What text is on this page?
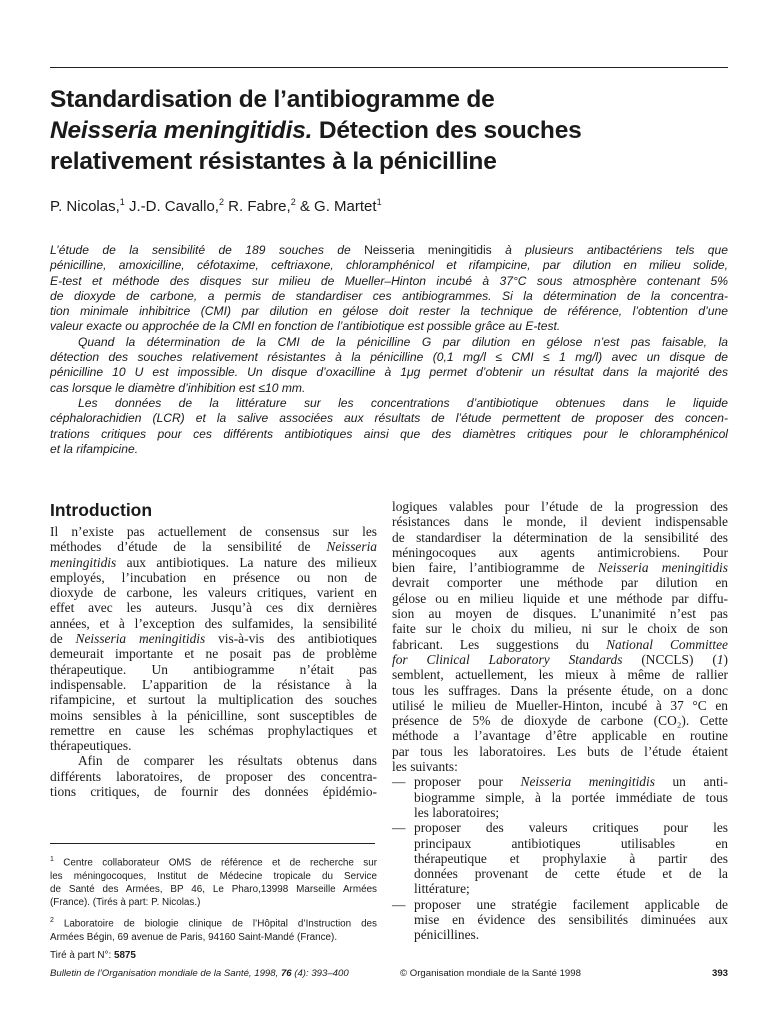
Standardisation de l’antibiogramme de
Neisseria meningitidis. Détection des souches
relativement résistantes à la pénicilline
P. Nicolas,$^1$ J.-D. Cavallo,$^2$ R. Fabre,$^2$ & G. Martet$^1$
L’étude de la sensibilité de 189 souches de Neisseria meningitidis à plusieurs antibactériens tels que
pénicilline, amoxicilline, céfotaxime, ceftriaxone, chloramphénicol et rifampicine, par dilution en milieu solide,
E-test et méthode des disques sur milieu de Mueller–Hinton incubé à 37°C sous atmosphère contenant 5%
de dioxyde de carbone, a permis de standardiser ces antibiogrammes. Si la détermination de la concentra-
tion minimale inhibitrice (CMI) par dilution en gélose doit rester la technique de référence, l’obtention d’une
valeur exacte ou approchée de la CMI en fonction de l’antibiotique est possible grâce au E-test.
Quand la détermination de la CMI de la pénicilline G par dilution en gélose n’est pas faisable, la
détection des souches relativement résistantes à la pénicilline (0,1 mg/l ≤ CMI ≤ 1 mg/l) avec un disque de
pénicilline 10 U est impossible. Un disque d’oxacilline à 1μg permet d’obtenir un résultat dans la majorité des
cas lorsque le diamètre d’inhibition est ≤10 mm.
Les données de la littérature sur les concentrations d’antibiotique obtenues dans le liquide
céphalorachidien (LCR) et la salive associées aux résultats de l’étude permettent de proposer des concen-
trations critiques pour ces différents antibiotiques ainsi que des diamètres critiques pour le chloramphénicol
et la rifampicine.
Introduction
Il n’existe pas actuellement de consensus sur les
méthodes d’étude de la sensibilité de Neisseria
meningitidis aux antibiotiques. La nature des milieux
employés, l’incubation en présence ou non de
dioxyde de carbone, les valeurs critiques, varient en
effet avec les auteurs. Jusqu’à ces dix dernières
années, et à l’exception des sulfamides, la sensibilité
de Neisseria meningitidis vis-à-vis des antibiotiques
demeurait importante et ne posait pas de problème
thérapeutique. Un antibiogramme n’était pas
indispensable. L’apparition de la résistance à la
rifampicine, et surtout la multiplication des souches
moins sensibles à la pénicilline, sont susceptibles de
remettre en cause les schémas prophylactiques et
thérapeutiques.
Afin de comparer les résultats obtenus dans
différents laboratoires, de proposer des concentra-
tions critiques, de fournir des données épidémio-
logiques valables pour l’étude de la progression des
résistances dans le monde, il devient indispensable
de standardiser la détermination de la sensibilité des
méningocoques aux agents antimicrobiens. Pour
bien faire, l’antibiogramme de Neisseria meningitidis
devrait comporter une méthode par dilution en
gélose ou en milieu liquide et une méthode par diffu-
sion au moyen de disques. L’unanimité n’est pas
faite sur le choix du milieu, ni sur le choix de son
fabricant. Les suggestions du National Committee
for Clinical Laboratory Standards (NCCLS) (1)
semblent, actuellement, les mieux à même de rallier
tous les suffrages. Dans la présente étude, on a donc
utilisé le milieu de Mueller-Hinton, incubé à 37 °C en
présence de 5% de dioxyde de carbone (CO₂). Cette
méthode a l’avantage d’être applicable en routine
par tous les laboratoires. Les buts de l’étude étaient
les suivants:
— proposer pour Neisseria meningitidis un anti-
biogramme simple, à la portée immédiate de tous
les laboratoires;
— proposer des valeurs critiques pour les
principaux antibiotiques utilisables en
thérapeutique et prophylaxie à partir des
données provenant de cette étude et de la
littérature;
— proposer une stratégie facilement applicable de
mise en évidence des sensibilités diminuées aux
pénicillines.
$^1$ Centre collaborateur OMS de référence et de recherche sur
les méningocoques, Institut de Médecine tropicale du Service
de Santé des Armées, BP 46, Le Pharo,13998 Marseille Armées
(France). (Tirés à part: P. Nicolas.)
$^2$ Laboratoire de biologie clinique de l’Hôpital d’Instruction des
Armées Bégin, 69 avenue de Paris, 94160 Saint-Mandé (France).
Tiré à part N°: 5875
Bulletin de l’Organisation mondiale de la Santé, 1998, 76 (4): 393–400	© Organisation mondiale de la Santé 1998	393
